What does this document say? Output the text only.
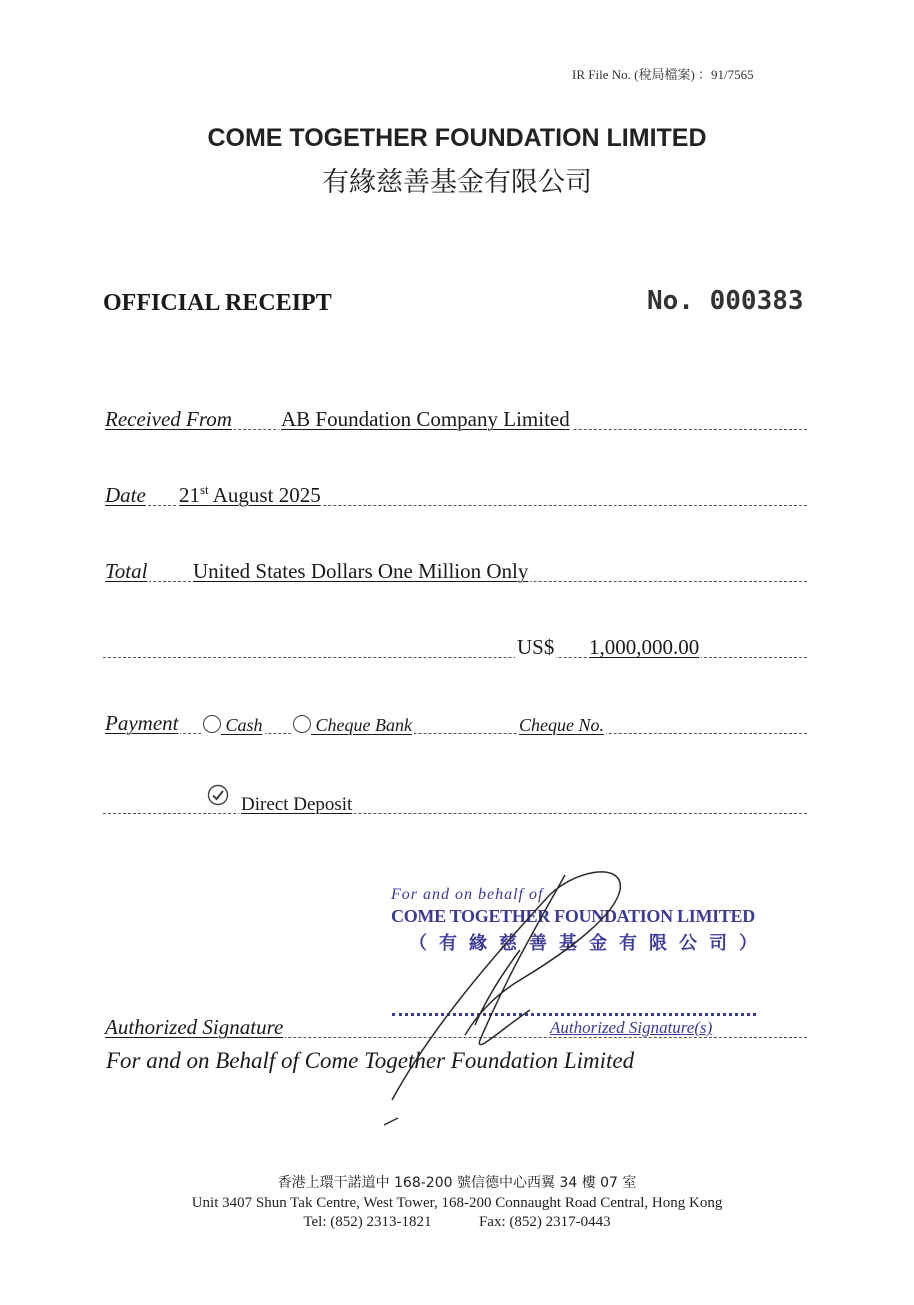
IR File No. (稅局檔案) ：91/7565
COME TOGETHER FOUNDATION LIMITED
有緣慈善基金有限公司
OFFICIAL RECEIPT	No. 000383
Received From AB Foundation Company Limited
Date 21st August 2025
Total United States Dollars One Million Only
US$ 1,000,000.00
Payment	Cash	Cheque Bank	Cheque No.
Direct Deposit
For and on behalf of
COME TOGETHER FOUNDATION LIMITED
（有緣慈善基金有限公司）
Authorized Signature	Authorized Signature(s)
For and on Behalf of Come Together Foundation Limited
香港上環干諾道中 168-200 號信德中心西翼 34 樓 07 室
Unit 3407 Shun Tak Centre, West Tower, 168-200 Connaught Road Central, Hong Kong
Tel: (852) 2313-1821	Fax: (852) 2317-0443
